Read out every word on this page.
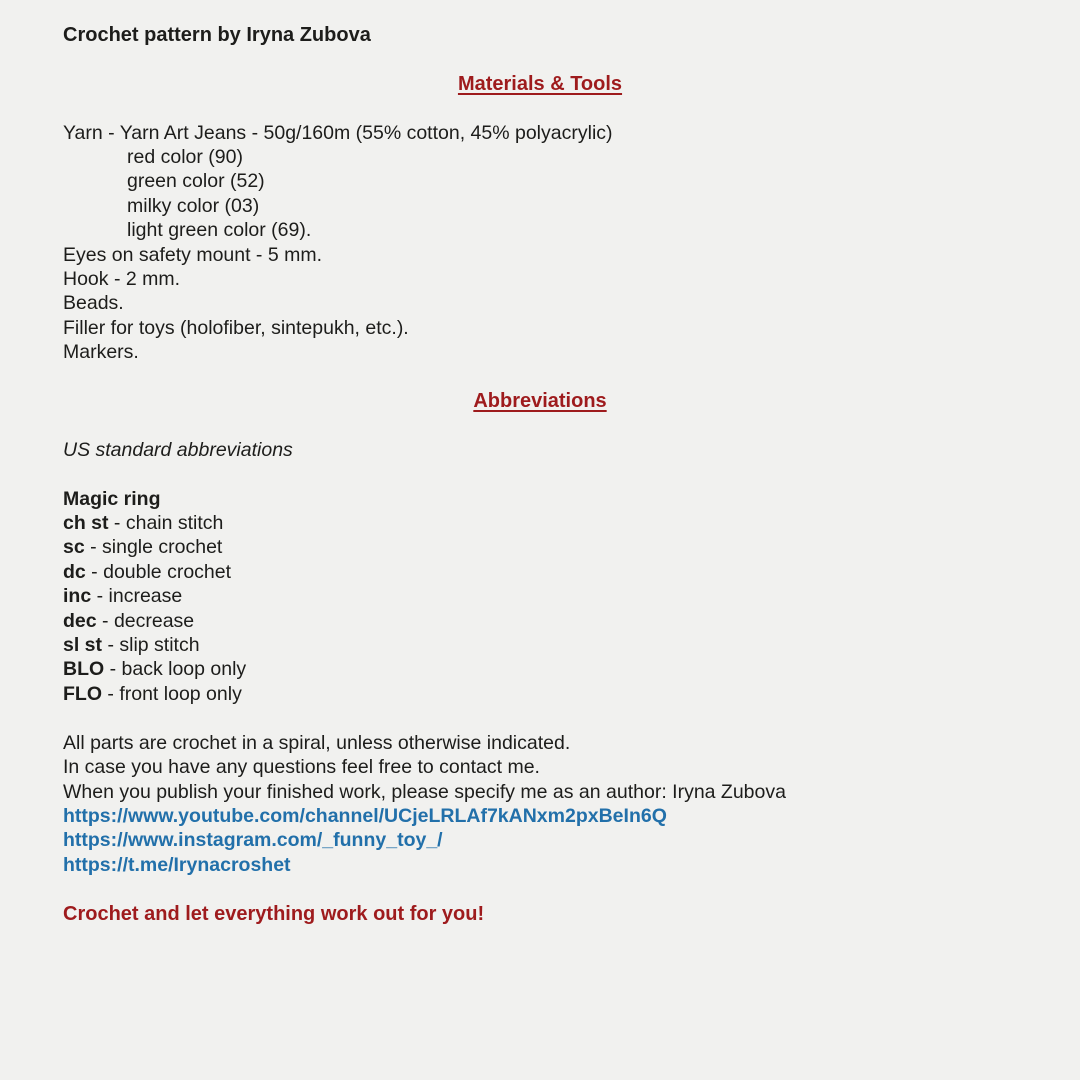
Crochet pattern by Iryna Zubova
Materials & Tools
Yarn - Yarn Art Jeans - 50g/160m (55% cotton, 45% polyacrylic)
red color (90)
green color (52)
milky color (03)
light green color (69).
Eyes on safety mount - 5 mm.
Hook - 2 mm.
Beads.
Filler for toys (holofiber, sintepukh, etc.).
Markers.
Abbreviations
US standard abbreviations
Magic ring
ch st - chain stitch
sc - single crochet
dc - double crochet
inc - increase
dec - decrease
sl st - slip stitch
BLO - back loop only
FLO - front loop only
All parts are crochet in a spiral, unless otherwise indicated.
In case you have any questions feel free to contact me.
When you publish your finished work, please specify me as an author: Iryna Zubova
https://www.youtube.com/channel/UCjeLRLAf7kANxm2pxBeIn6Q
https://www.instagram.com/_funny_toy_/
https://t.me/Irynacroshet
Crochet and let everything work out for you!
